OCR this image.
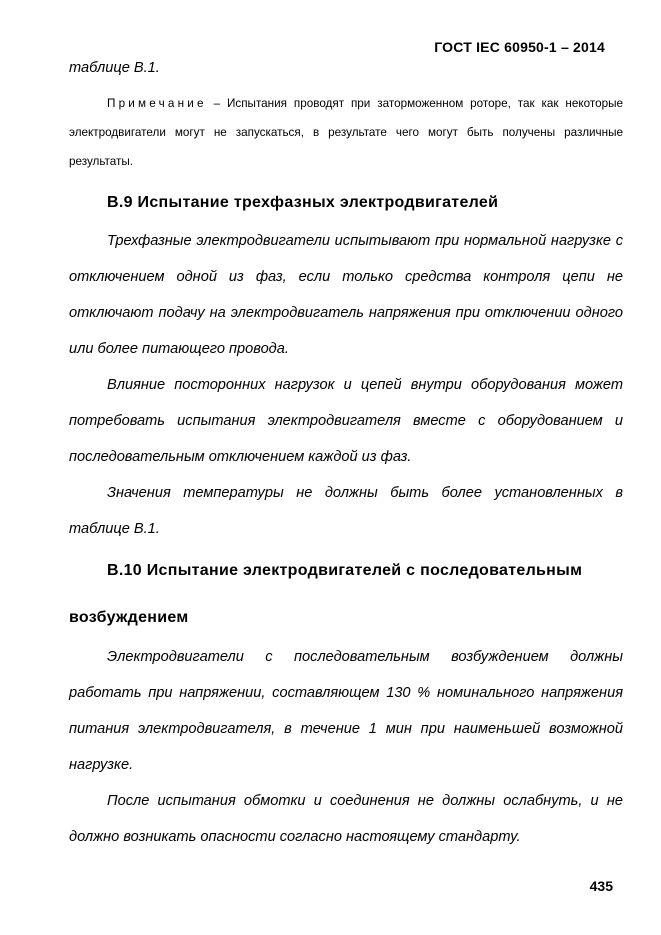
ГОСТ IEC 60950-1 – 2014

таблице В.1.

Примечание – Испытания проводят при заторможенном роторе, так как некоторые электродвигатели могут не запускаться, в результате чего могут быть получены различные результаты.

B.9 Испытание трехфазных электродвигателей

Трехфазные электродвигатели испытывают при нормальной нагрузке с отключением одной из фаз, если только средства контроля цепи не отключают подачу на электродвигатель напряжения при отключении одного или более питающего провода.

Влияние посторонних нагрузок и цепей внутри оборудования может потребовать испытания электродвигателя вместе с оборудованием и последовательным отключением каждой из фаз.

Значения температуры не должны быть более установленных в таблице В.1.

В.10 Испытание электродвигателей с последовательным возбуждением

Электродвигатели с последовательным возбуждением должны работать при напряжении, составляющем 130 % номинального напряжения питания электродвигателя, в течение 1 мин при наименьшей возможной нагрузке.

После испытания обмотки и соединения не должны ослабнуть, и не должно возникать опасности согласно настоящему стандарту.

435
